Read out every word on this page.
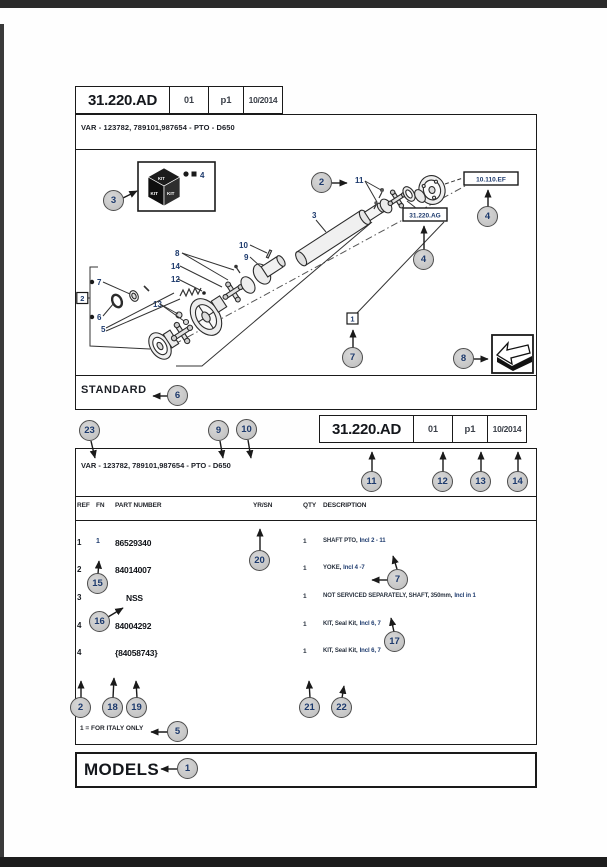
31.220.AD	01	p1	10/2014
VAR - 123782, 789101,987654 - PTO - D650
KIT KIT
KIT	4	10.110.EF
31.220.AG
11
3
10
9
8
14
12
13
7
6
5
2
1
STANDARD
31.220.AD	01	p1	10/2014
VAR - 123782, 789101,987654 - PTO - D650
REF FN	PART NUMBER	YR/SN	QTY	DESCRIPTION
1	1	86529340	1	SHAFT PTO, Incl 2 - 11
2	84014007	1	YOKE, Incl 4 -7
3	NSS	1	NOT SERVICED SEPARATELY, SHAFT, 350mm, Incl in 1
4	84004292	1	KIT, Seal Kit, Incl 6, 7
4	{84058743}	1	KIT, Seal Kit, Incl 6, 7
1 = FOR ITALY ONLY
MODELS
3
2
4
4
7	8
6
23	9	10
11	12	13	14
20
7
15
16
17
2	18	19	21	22
5
1
